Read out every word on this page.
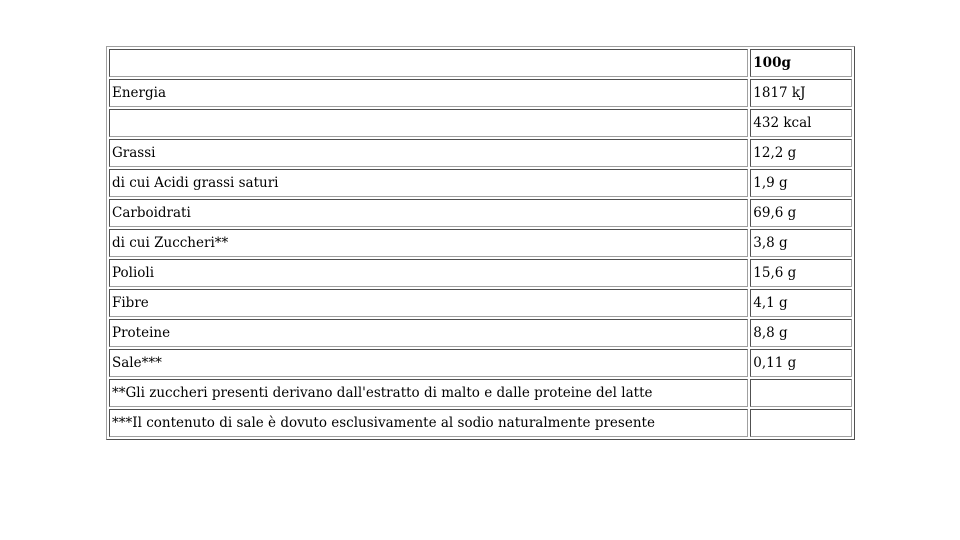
	100g
Energia	1817 kJ
	432 kcal
Grassi	12,2 g
di cui Acidi grassi saturi	1,9 g
Carboidrati	69,6 g
di cui Zuccheri**	3,8 g
Polioli	15,6 g
Fibre	4,1 g
Proteine	8,8 g
Sale***	0,11 g
**Gli zuccheri presenti derivano dall'estratto di malto e dalle proteine del latte	
***Il contenuto di sale è dovuto esclusivamente al sodio naturalmente presente	
